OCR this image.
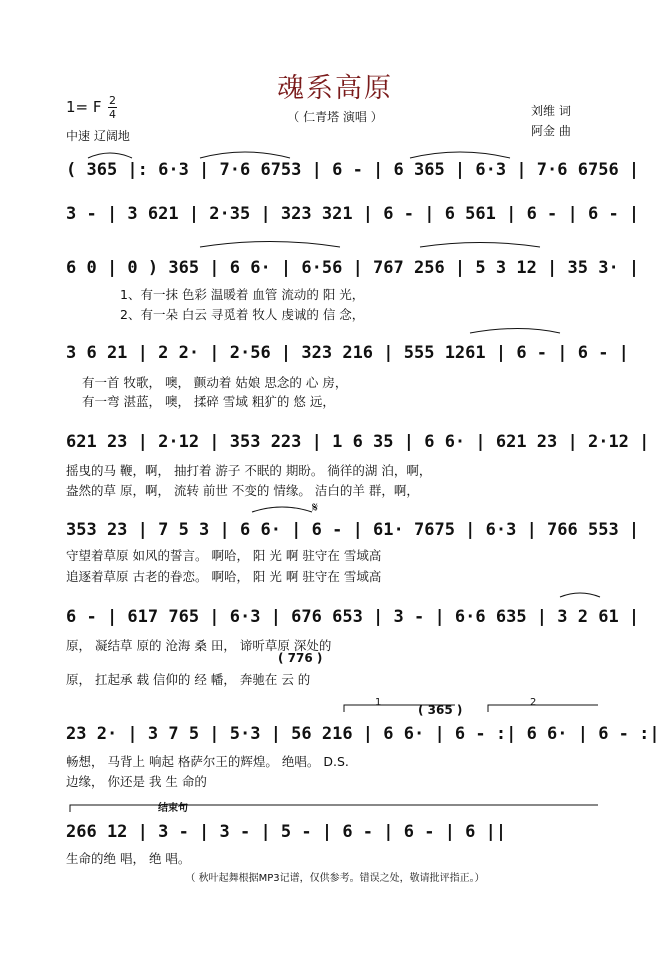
魂系高原
（ 仁青塔 演唱 ）
1= F 2
4
中速 辽阔地
刘维 词
阿金 曲
( 365 |: 6·3 | 7·6 6753 | 6 - | 6 365 | 6·3 | 7·6 6756 |
3 - | 3 621 | 2·35 | 323 321 | 6 - | 6 561 | 6 - | 6 - |
6 0 | 0 ) 365 | 6 6· | 6·56 | 767 256 | 5 3 12 | 35 3· |
1、有一抹 色彩 温暖着 血管 流动的 阳 光，
2、有一朵 白云 寻觅着 牧人 虔诚的 信 念，
3 6 21 | 2 2· | 2·56 | 323 216 | 555 1261 | 6 - | 6 - |
有一首 牧歌， 噢， 颤动着 姑娘 思念的 心 房，
有一弯 湛蓝， 噢， 揉碎 雪域 粗犷的 悠 远，
621 23 | 2·12 | 353 223 | 1 6 35 | 6 6· | 621 23 | 2·12 |
摇曳的马 鞭，啊， 抽打着 游子 不眠的 期盼。 徜徉的湖 泊，啊，
盎然的草 原，啊， 流转 前世 不变的 情缘。 洁白的羊 群，啊，
𝄋
353 23 | 7 5 3 | 6 6· | 6 - | 61· 7675 | 6·3 | 766 553 |
守望着草原 如风的誓言。 啊哈， 阳 光 啊 驻守在 雪域高
追逐着草原 古老的眷恋。 啊哈， 阳 光 啊 驻守在 雪域高
6 - | 617 765 | 6·3 | 676 653 | 3 - | 6·6 635 | 3 2 61 |
原， 凝结草 原的 沧海 桑 田， 谛听草原 深处的
( 776 )
原， 扛起承 载 信仰的 经 幡， 奔驰在 云 的
1	2
( 365 )
23 2· | 3 7 5 | 5·3 | 56 216 | 6 6· | 6 - :| 6 6· | 6 - :|
畅想， 马背上 响起 格萨尔王的辉煌。 绝唱。 D.S.
边缘， 你还是 我 生 命的
结束句
266 12 | 3 - | 3 - | 5 - | 6 - | 6 - | 6 ||
生命的绝 唱， 绝 唱。
（ 秋叶起舞根据MP3记谱，仅供参考。错误之处，敬请批评指正。）
